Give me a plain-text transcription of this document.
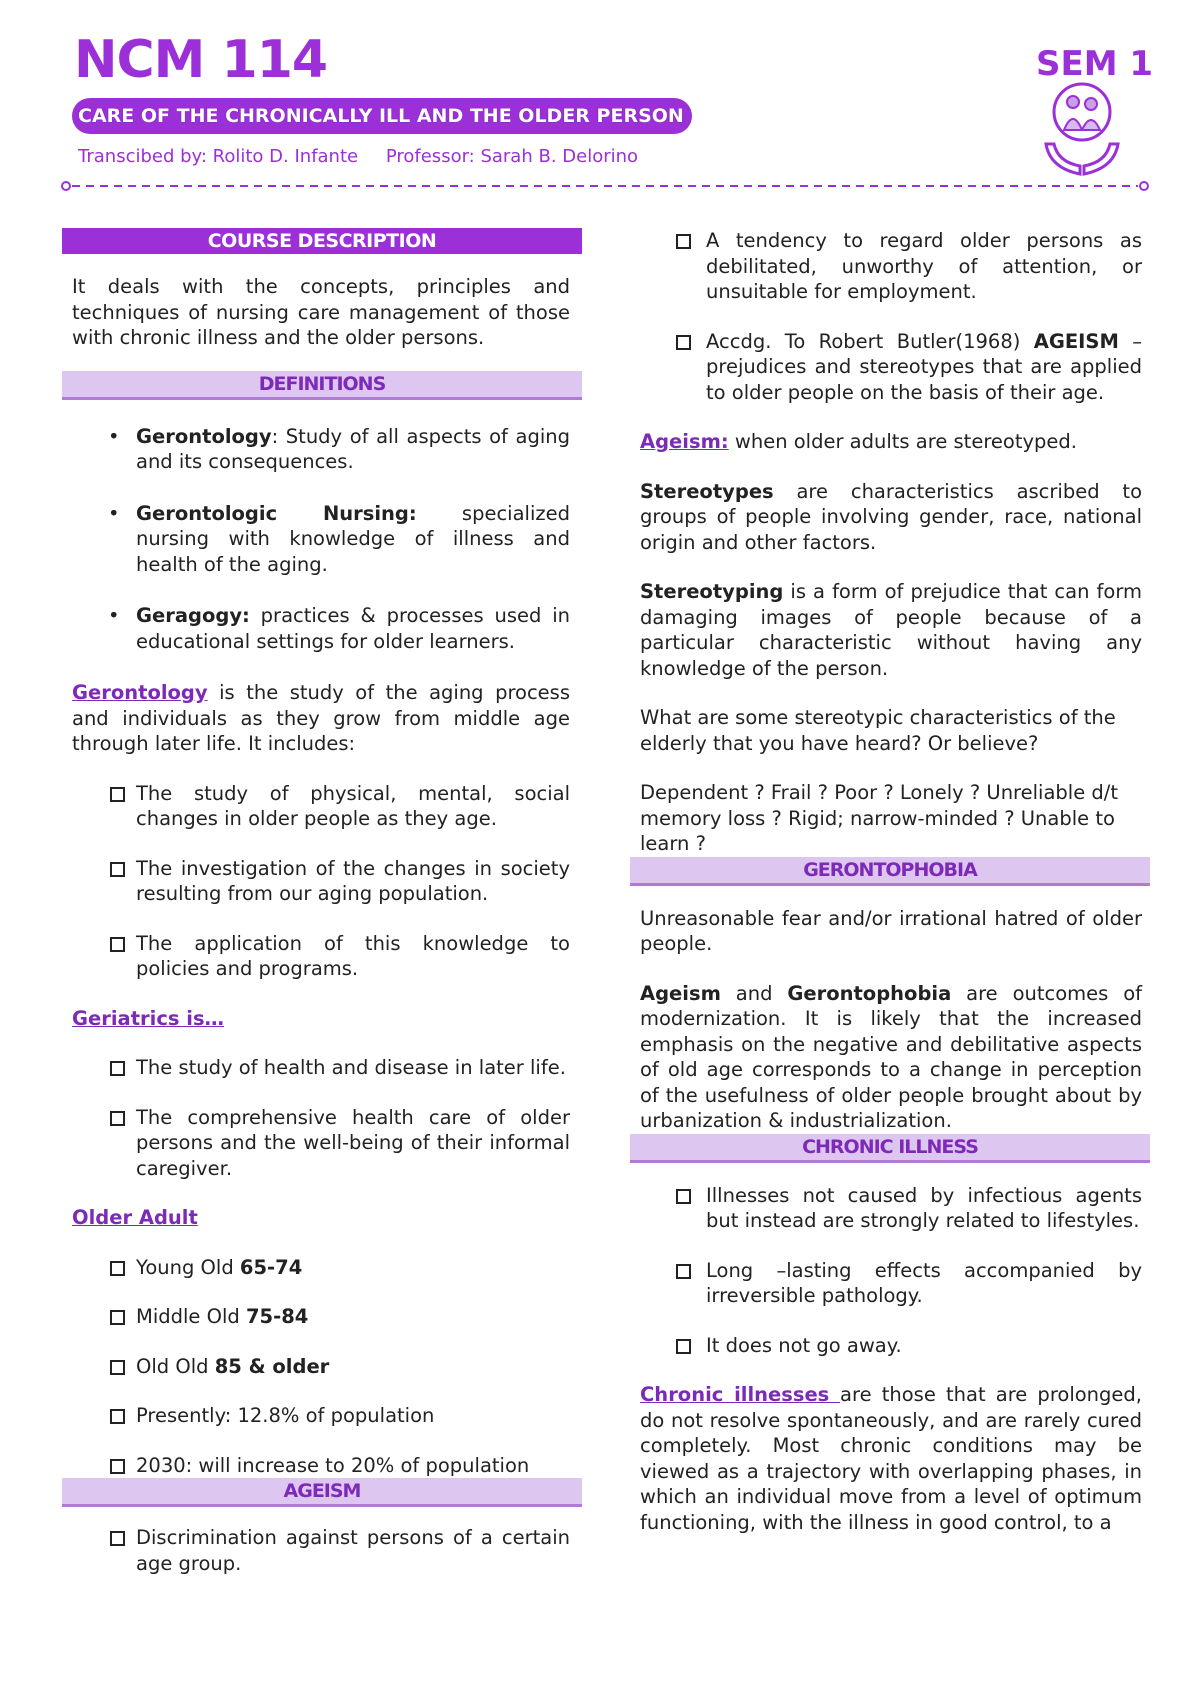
NCM 114
CARE OF THE CHRONICALLY ILL AND THE OLDER PERSON
Transcibed by: Rolito D. Infante Professor: Sarah B. Delorino
SEM 1
COURSE DESCRIPTION

It deals with the concepts, principles and techniques of nursing care management of those with chronic illness and the older persons.

DEFINITIONS
• Gerontology: Study of all aspects of aging and its consequences.
• Gerontologic Nursing: specialized nursing with knowledge of illness and health of the aging.
• Geragogy: practices & processes used in educational settings for older learners.

Gerontology is the study of the aging process and individuals as they grow from middle age through later life. It includes:

The study of physical, mental, social changes in older people as they age.
The investigation of the changes in society resulting from our aging population.
The application of this knowledge to policies and programs.

Geriatrics is…

The study of health and disease in later life.
The comprehensive health care of older persons and the well-being of their informal caregiver.

Older Adult

Young Old 65-74
Middle Old 75-84
Old Old 85 & older
Presently: 12.8% of population
2030: will increase to 20% of population
AGEISM
Discrimination against persons of a certain age group.
A tendency to regard older persons as debilitated, unworthy of attention, or unsuitable for employment.
Accdg. To Robert Butler(1968) AGEISM – prejudices and stereotypes that are applied to older people on the basis of their age.

Ageism: when older adults are stereotyped.

Stereotypes are characteristics ascribed to groups of people involving gender, race, national origin and other factors.

Stereotyping is a form of prejudice that can form damaging images of people because of a particular characteristic without having any knowledge of the person.

What are some stereotypic characteristics of the elderly that you have heard? Or believe?

Dependent ? Frail ? Poor ? Lonely ? Unreliable d/t memory loss ? Rigid; narrow-minded ? Unable to learn ?

GERONTOPHOBIA

Unreasonable fear and/or irrational hatred of older people.

Ageism and Gerontophobia are outcomes of modernization. It is likely that the increased emphasis on the negative and debilitative aspects of old age corresponds to a change in perception of the usefulness of older people brought about by urbanization & industrialization.

CHRONIC ILLNESS
Illnesses not caused by infectious agents but instead are strongly related to lifestyles.
Long –lasting effects accompanied by irreversible pathology.
It does not go away.

Chronic illnesses are those that are prolonged, do not resolve spontaneously, and are rarely cured completely. Most chronic conditions may be viewed as a trajectory with overlapping phases, in which an individual move from a level of optimum functioning, with the illness in good control, to a
